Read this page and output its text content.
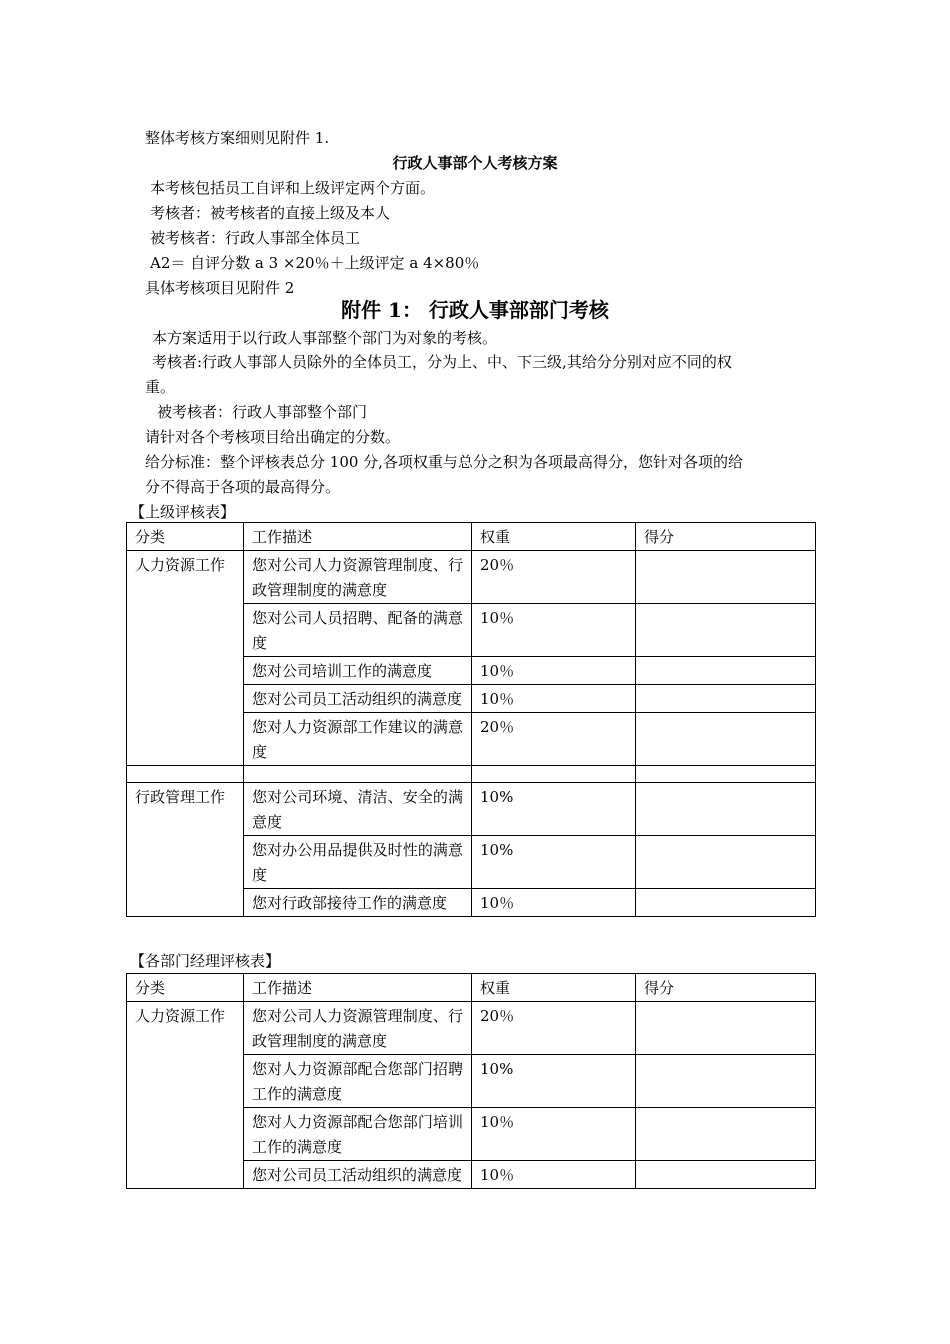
整体考核方案细则见附件 1.
行政人事部个人考核方案
本考核包括员工自评和上级评定两个方面。
考核者：被考核者的直接上级及本人
被考核者：行政人事部全体员工
A2＝ 自评分数 a 3 ×20％＋上级评定 a 4×80％
具体考核项目见附件 2
附件 1： 行政人事部部门考核
本方案适用于以行政人事部整个部门为对象的考核。
考核者:行政人事部人员除外的全体员工，分为上、中、下三级,其给分分别对应不同的权
重。
被考核者：行政人事部整个部门
请针对各个考核项目给出确定的分数。
给分标准：整个评核表总分 100 分,各项权重与总分之积为各项最高得分，您针对各项的给
分不得高于各项的最高得分。
【上级评核表】
分类	工作描述	权重	得分
人力资源工作	您对公司人力资源管理制度、行政管理制度的满意度	20％	
	您对公司人员招聘、配备的满意度	10％	
	您对公司培训工作的满意度	10％	
	您对公司员工活动组织的满意度	10％	
	您对人力资源部工作建议的满意度	20％	

行政管理工作	您对公司环境、清洁、安全的满意度	10%	
	您对办公用品提供及时性的满意度	10%	
	您对行政部接待工作的满意度	10％	
【各部门经理评核表】
分类	工作描述	权重	得分
人力资源工作	您对公司人力资源管理制度、行政管理制度的满意度	20％	
	您对人力资源部配合您部门招聘工作的满意度	10%	
	您对人力资源部配合您部门培训工作的满意度	10％	
	您对公司员工活动组织的满意度	10％	
